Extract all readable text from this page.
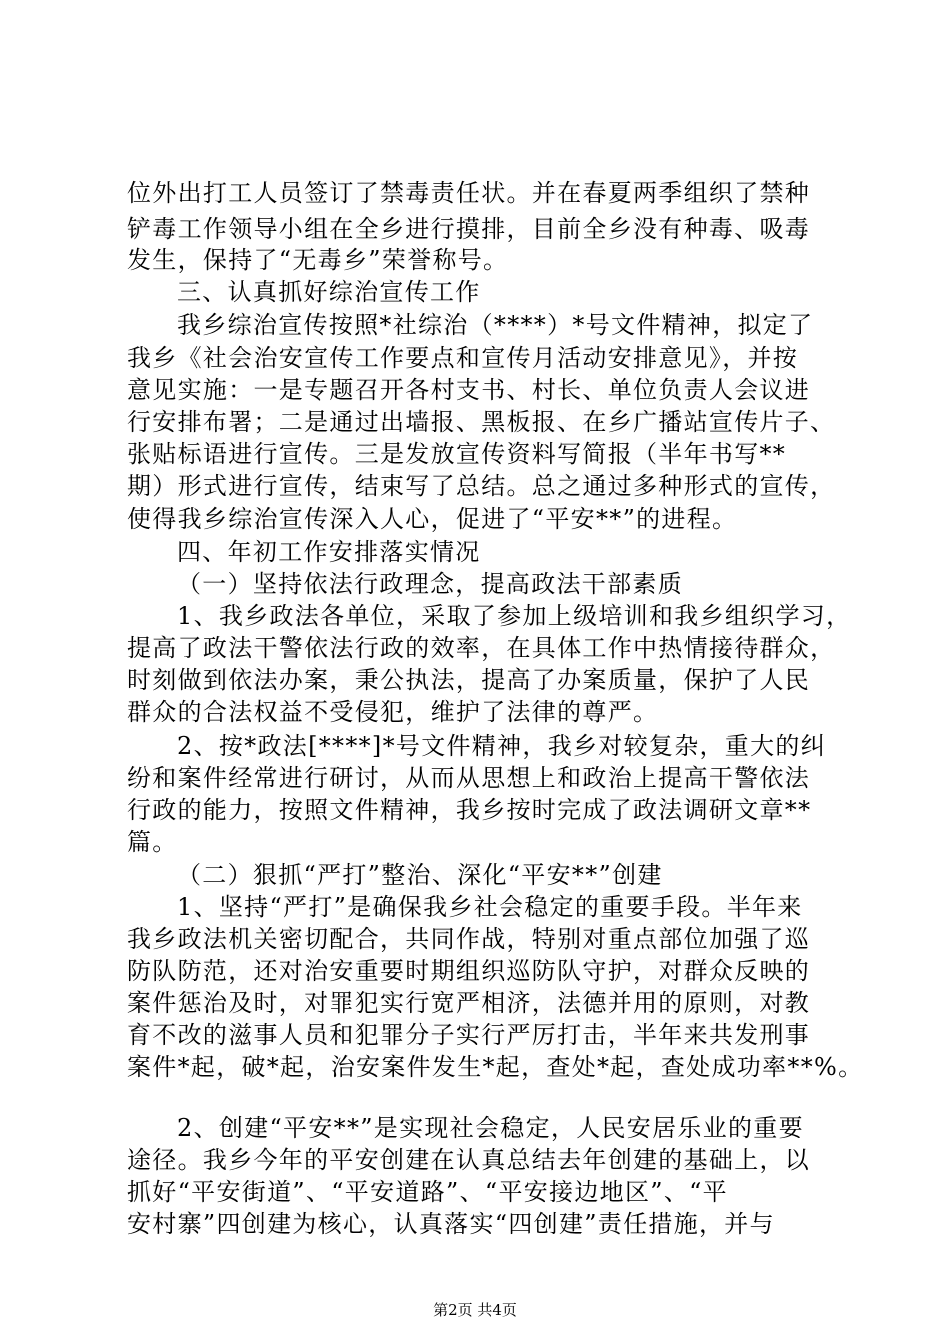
位外出打工人员签订了禁毒责任状。并在春夏两季组织了禁种
铲毒工作领导小组在全乡进行摸排，目前全乡没有种毒、吸毒
发生，保持了“无毒乡”荣誉称号。
三、认真抓好综治宣传工作
我乡综治宣传按照*社综治（****）*号文件精神，拟定了
我乡《社会治安宣传工作要点和宣传月活动安排意见》，并按
意见实施：一是专题召开各村支书、村长、单位负责人会议进
行安排布署；二是通过出墙报、黑板报、在乡广播站宣传片子、
张贴标语进行宣传。三是发放宣传资料写简报（半年书写**
期）形式进行宣传，结束写了总结。总之通过多种形式的宣传，
使得我乡综治宣传深入人心，促进了“平安**”的进程。
四、年初工作安排落实情况
（一）坚持依法行政理念，提高政法干部素质
1、我乡政法各单位，采取了参加上级培训和我乡组织学习，
提高了政法干警依法行政的效率，在具体工作中热情接待群众，
时刻做到依法办案，秉公执法，提高了办案质量，保护了人民
群众的合法权益不受侵犯，维护了法律的尊严。
2、按*政法[****]*号文件精神，我乡对较复杂，重大的纠
纷和案件经常进行研讨，从而从思想上和政治上提高干警依法
行政的能力，按照文件精神，我乡按时完成了政法调研文章**
篇。
（二）狠抓“严打”整治、深化“平安**”创建
1、坚持“严打”是确保我乡社会稳定的重要手段。半年来
我乡政法机关密切配合，共同作战，特别对重点部位加强了巡
防队防范，还对治安重要时期组织巡防队守护，对群众反映的
案件惩治及时，对罪犯实行宽严相济，法德并用的原则，对教
育不改的滋事人员和犯罪分子实行严厉打击，半年来共发刑事
案件*起，破*起，治安案件发生*起，查处*起，查处成功率**%。
2、创建“平安**”是实现社会稳定，人民安居乐业的重要
途径。我乡今年的平安创建在认真总结去年创建的基础上，以
抓好“平安街道”、“平安道路”、“平安接边地区”、“平
安村寨”四创建为核心，认真落实“四创建”责任措施，并与
第2页 共4页
